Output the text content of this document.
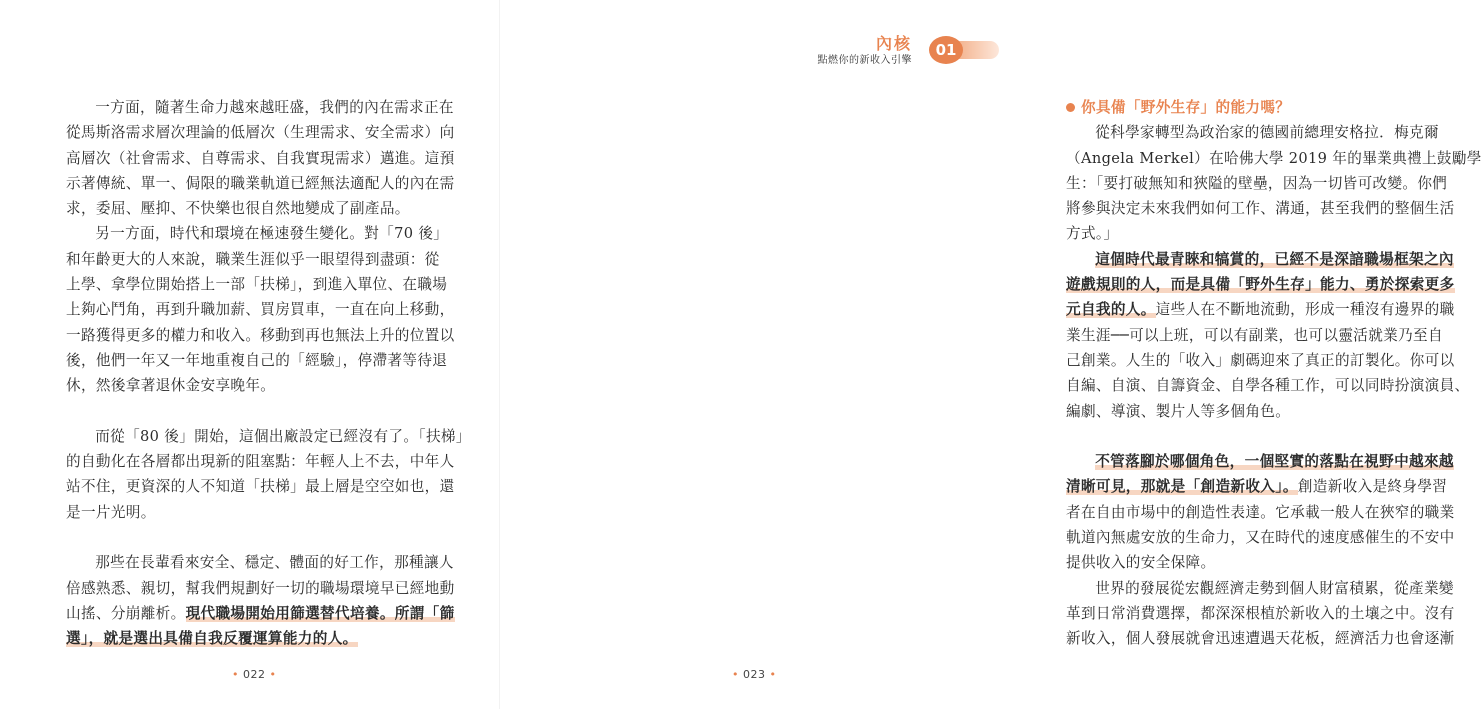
一方面，隨著生命力越來越旺盛，我們的內在需求正在
從馬斯洛需求層次理論的低層次（生理需求、安全需求）向
高層次（社會需求、自尊需求、自我實現需求）邁進。這預
示著傳統、單一、侷限的職業軌道已經無法適配人的內在需
求，委屈、壓抑、不快樂也很自然地變成了副產品。
另一方面，時代和環境在極速發生變化。對「70 後」
和年齡更大的人來說，職業生涯似乎一眼望得到盡頭：從
上學、拿學位開始搭上一部「扶梯」，到進入單位、在職場
上夠心鬥角，再到升職加薪、買房買車，一直在向上移動，
一路獲得更多的權力和收入。移動到再也無法上升的位置以
後，他們一年又一年地重複自己的「經驗」，停滯著等待退
休，然後拿著退休金安享晚年。
而從「80 後」開始，這個出廠設定已經沒有了。「扶梯」
的自動化在各層都出現新的阻塞點：年輕人上不去，中年人
站不住，更資深的人不知道「扶梯」最上層是空空如也，還
是一片光明。
那些在長輩看來安全、穩定、體面的好工作，那種讓人
倍感熟悉、親切，幫我們規劃好一切的職場環境早已經地動
山搖、分崩離析。現代職場開始用篩選替代培養。所謂「篩
選」，就是選出具備自我反覆運算能力的人。
• 022 •
內核
點燃你的新收入引擎
01
你具備「野外生存」的能力嗎？
從科學家轉型為政治家的德國前總理安格拉．梅克爾
（Angela Merkel）在哈佛大學 2019 年的畢業典禮上鼓勵學
生：「要打破無知和狹隘的壁壘，因為一切皆可改變。你們
將參與決定未來我們如何工作、溝通，甚至我們的整個生活
方式。」
這個時代最青睞和犒賞的，已經不是深諳職場框架之內
遊戲規則的人，而是具備「野外生存」能力、勇於探索更多
元自我的人。這些人在不斷地流動，形成一種沒有邊界的職
業生涯──可以上班，可以有副業，也可以靈活就業乃至自
己創業。人生的「收入」劇碼迎來了真正的訂製化。你可以
自編、自演、自籌資金、自學各種工作，可以同時扮演演員、
編劇、導演、製片人等多個角色。
不管落腳於哪個角色，一個堅實的落點在視野中越來越
清晰可見，那就是「創造新收入」。創造新收入是終身學習
者在自由市場中的創造性表達。它承載一般人在狹窄的職業
軌道內無處安放的生命力，又在時代的速度感催生的不安中
提供收入的安全保障。
世界的發展從宏觀經濟走勢到個人財富積累，從產業變
革到日常消費選擇，都深深根植於新收入的土壤之中。沒有
新收入，個人發展就會迅速遭遇天花板，經濟活力也會逐漸
• 023 •
